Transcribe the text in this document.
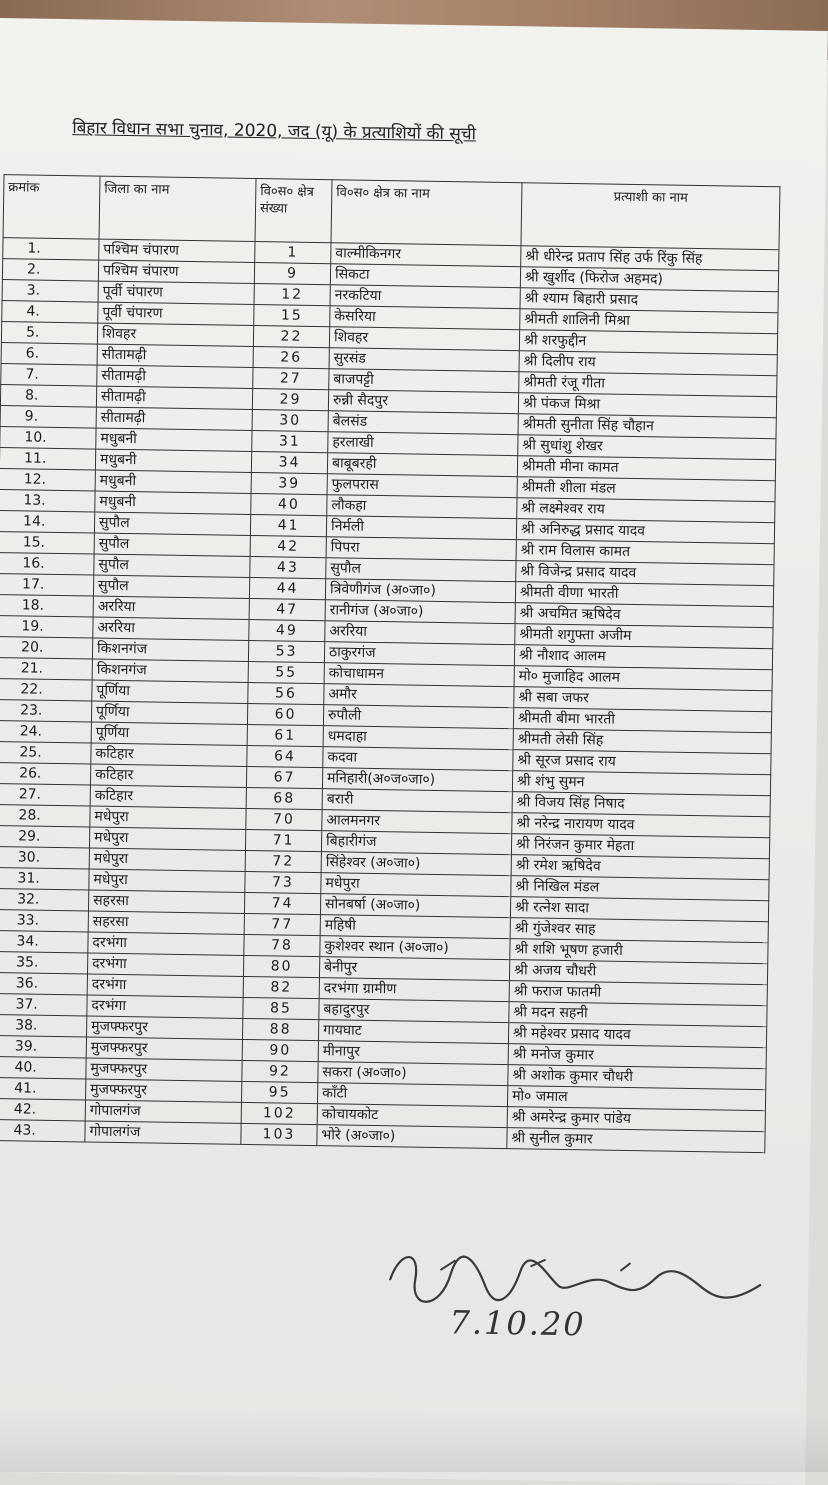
बिहार विधान सभा चुनाव, 2020, जद (यू) के प्रत्याशियों की सूची
क्रमांक	जिला का नाम	वि०स० क्षेत्र संख्या	वि०स० क्षेत्र का नाम	प्रत्याशी का नाम
1.	पश्चिम चंपारण	1	वाल्मीकिनगर	श्री धीरेन्द्र प्रताप सिंह उर्फ रिंकु सिंह
2.	पश्चिम चंपारण	9	सिकटा	श्री खुर्शीद (फिरोज अहमद)
3.	पूर्वी चंपारण	12	नरकटिया	श्री श्याम बिहारी प्रसाद
4.	पूर्वी चंपारण	15	केसरिया	श्रीमती शालिनी मिश्रा
5.	शिवहर	22	शिवहर	श्री शरफुद्दीन
6.	सीतामढ़ी	26	सुरसंड	श्री दिलीप राय
7.	सीतामढ़ी	27	बाजपट्टी	श्रीमती रंजू गीता
8.	सीतामढ़ी	29	रुन्नी सैदपुर	श्री पंकज मिश्रा
9.	सीतामढ़ी	30	बेलसंड	श्रीमती सुनीता सिंह चौहान
10.	मधुबनी	31	हरलाखी	श्री सुधांशु शेखर
11.	मधुबनी	34	बाबूबरही	श्रीमती मीना कामत
12.	मधुबनी	39	फुलपरास	श्रीमती शीला मंडल
13.	मधुबनी	40	लौकहा	श्री लक्ष्मेश्वर राय
14.	सुपौल	41	निर्मली	श्री अनिरुद्ध प्रसाद यादव
15.	सुपौल	42	पिपरा	श्री राम विलास कामत
16.	सुपौल	43	सुपौल	श्री विजेन्द्र प्रसाद यादव
17.	सुपौल	44	त्रिवेणीगंज (अ०जा०)	श्रीमती वीणा भारती
18.	अररिया	47	रानीगंज (अ०जा०)	श्री अचमित ऋषिदेव
19.	अररिया	49	अररिया	श्रीमती शगुफ्ता अजीम
20.	किशनगंज	53	ठाकुरगंज	श्री नौशाद आलम
21.	किशनगंज	55	कोचाधामन	मो० मुजाहिद आलम
22.	पूर्णिया	56	अमौर	श्री सबा जफर
23.	पूर्णिया	60	रुपौली	श्रीमती बीमा भारती
24.	पूर्णिया	61	धमदाहा	श्रीमती लेसी सिंह
25.	कटिहार	64	कदवा	श्री सूरज प्रसाद राय
26.	कटिहार	67	मनिहारी(अ०ज०जा०)	श्री शंभु सुमन
27.	कटिहार	68	बरारी	श्री विजय सिंह निषाद
28.	मधेपुरा	70	आलमनगर	श्री नरेन्द्र नारायण यादव
29.	मधेपुरा	71	बिहारीगंज	श्री निरंजन कुमार मेहता
30.	मधेपुरा	72	सिंहेश्वर (अ०जा०)	श्री रमेश ऋषिदेव
31.	मधेपुरा	73	मधेपुरा	श्री निखिल मंडल
32.	सहरसा	74	सोनबर्षा (अ०जा०)	श्री रत्नेश सादा
33.	सहरसा	77	महिषी	श्री गुंजेश्वर साह
34.	दरभंगा	78	कुशेश्वर स्थान (अ०जा०)	श्री शशि भूषण हजारी
35.	दरभंगा	80	बेनीपुर	श्री अजय चौधरी
36.	दरभंगा	82	दरभंगा ग्रामीण	श्री फराज फातमी
37.	दरभंगा	85	बहादुरपुर	श्री मदन सहनी
38.	मुजफ्फरपुर	88	गायघाट	श्री महेश्वर प्रसाद यादव
39.	मुजफ्फरपुर	90	मीनापुर	श्री मनोज कुमार
40.	मुजफ्फरपुर	92	सकरा (अ०जा०)	श्री अशोक कुमार चौधरी
41.	मुजफ्फरपुर	95	कॉंटी	मो० जमाल
42.	गोपालगंज	102	कोचायकोट	श्री अमरेन्द्र कुमार पांडेय
43.	गोपालगंज	103	भोरे (अ०जा०)	श्री सुनील कुमार
7.10.20
